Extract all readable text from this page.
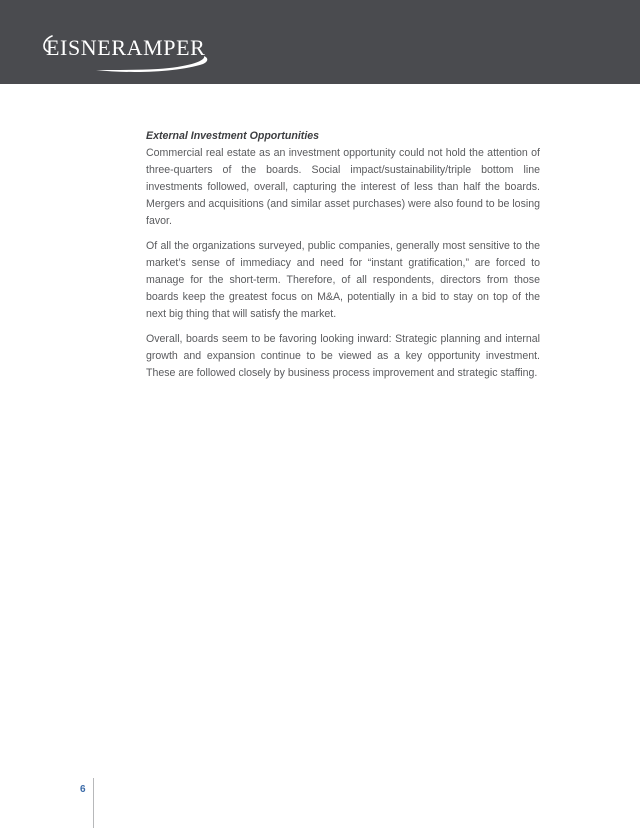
EISNERAMPER

External Investment Opportunities

Commercial real estate as an investment opportunity could not hold the attention of three-quarters of the boards. Social impact/sustainability/triple bottom line investments followed, overall, capturing the interest of less than half the boards. Mergers and acquisitions (and similar asset purchases) were also found to be losing favor.

Of all the organizations surveyed, public companies, generally most sensitive to the market’s sense of immediacy and need for “instant gratification,” are forced to manage for the short-term. Therefore, of all respondents, directors from those boards keep the greatest focus on M&A, potentially in a bid to stay on top of the next big thing that will satisfy the market.

Overall, boards seem to be favoring looking inward: Strategic planning and internal growth and expansion continue to be viewed as a key opportunity investment. These are followed closely by business process improvement and strategic staffing.

6
